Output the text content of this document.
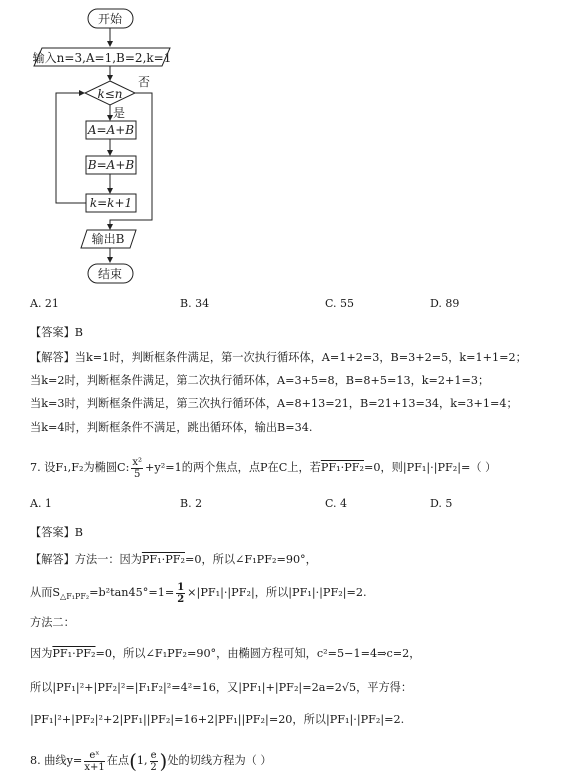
开始
输入n=3,A=1,B=2,k=1
k≤n
否
是
A=A+B
B=A+B
k=k+1
输出B
结束
A. 21	B. 34	C. 55	D. 89
【答案】B
【解答】当k=1时，判断框条件满足，第一次执行循环体，A=1+2=3，B=3+2=5，k=1+1=2；
当k=2时，判断框条件满足，第二次执行循环体，A=3+5=8，B=8+5=13，k=2+1=3；
当k=3时，判断框条件满足，第三次执行循环体，A=8+13=21，B=21+13=34，k=3+1=4；
当k=4时，判断框条件不满足，跳出循环体，输出B=34.
7. 设F₁,F₂为椭圆C: $\frac{\text{x²}}{5} +y^2=1$的两个焦点，点P在C上，若PF₁·PF₂=0，则|PF₁|·|PF₂|=（ ）
A. 1	B. 2	C. 4	D. 5
【答案】B
【解答】方法一：因为PF₁·PF₂=0，所以∠F₁PF₂=90°，
从而$S_{\triangle F_1PF_2}=b^2\tan 45^\circ=1= \frac{1}{2} \times|PF_1|\cdot|PF_2|$，所以|PF₁|·|PF₂|=2.
方法二：
因为PF₁·PF₂=0，所以∠F₁PF₂=90°，由椭圆方程可知，c²=5−1=4⇒c=2，
所以|PF₁|²+|PF₂|²=|F₁F₂|²=4²=16，又|PF₁|+|PF₂|=2a=2√5，平方得：
|PF₁|²+|PF₂|²+2|PF₁||PF₂|=16+2|PF₁||PF₂|=20，所以|PF₁|·|PF₂|=2.
8. 曲线$y= \frac{\text{eˣ}}{x+1}$ 在点(1, $\frac{e}{2}$ )处的切线方程为（ ）
